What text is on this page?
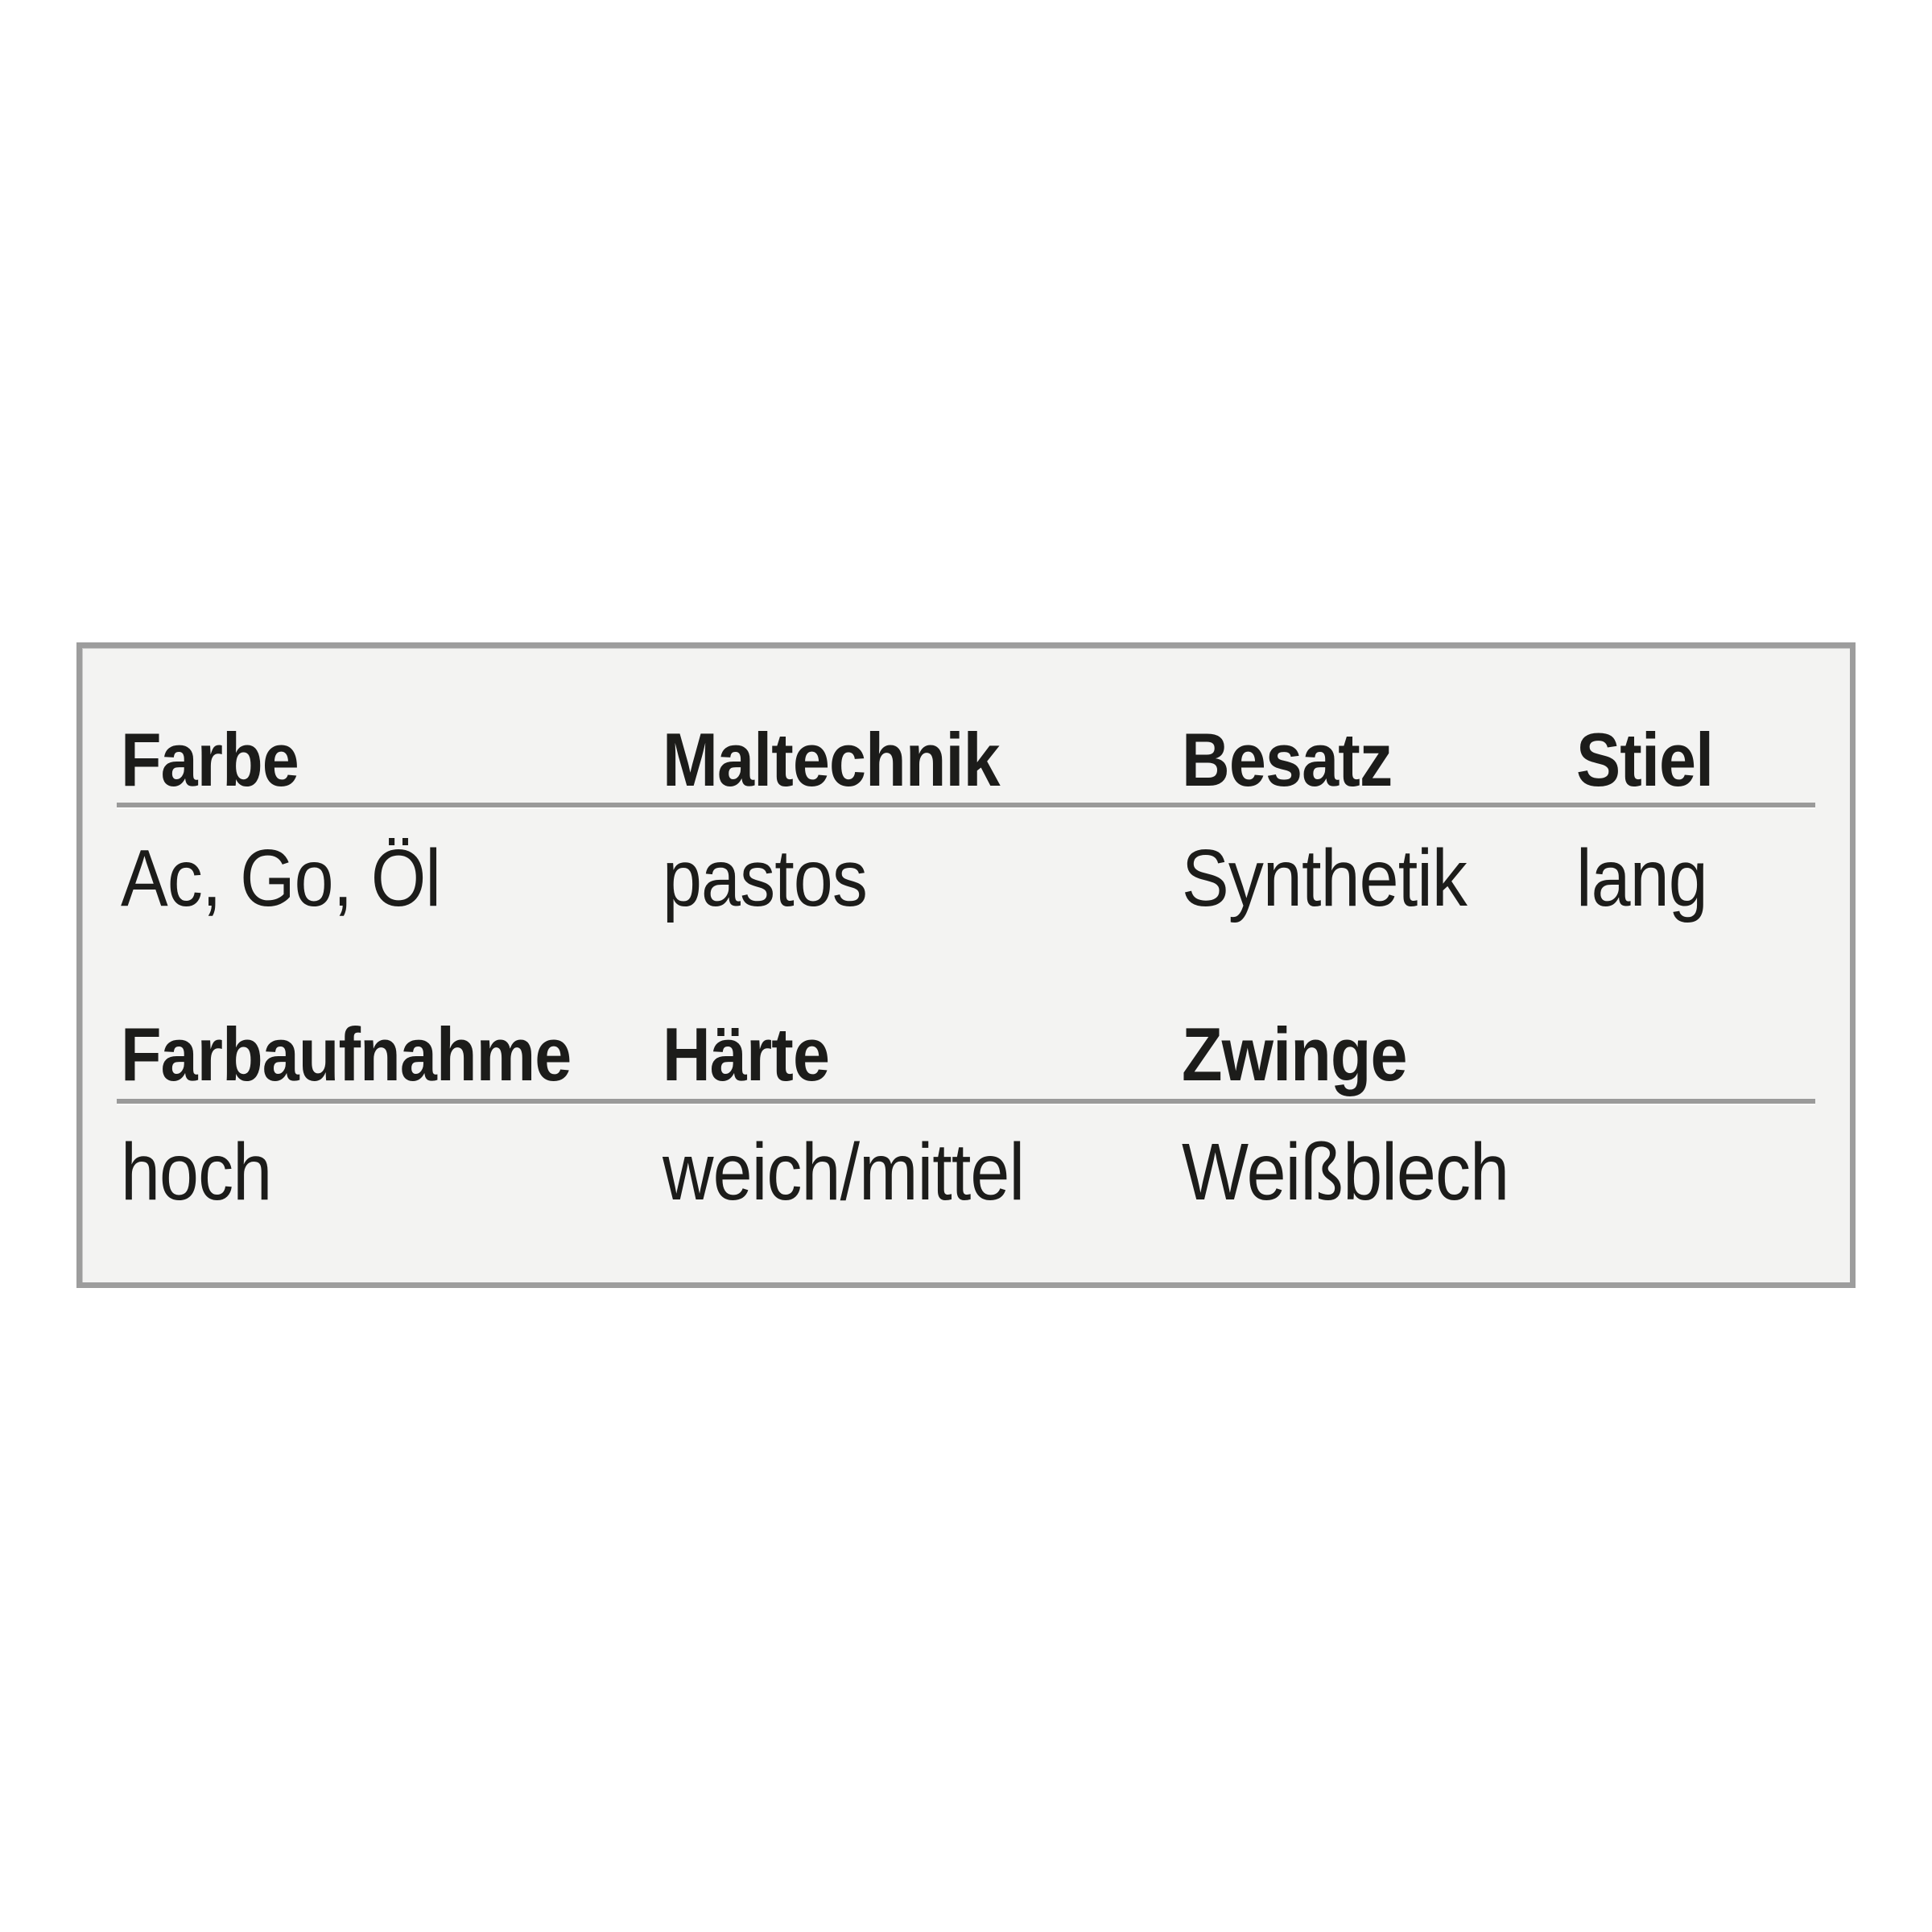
Farbe	Maltechnik Besatz Stiel
Ac, Go, Öl	pastos	Synthetik lang
Farbaufnahme Härte	Zwinge
hoch	weich/mittel Weißblech
